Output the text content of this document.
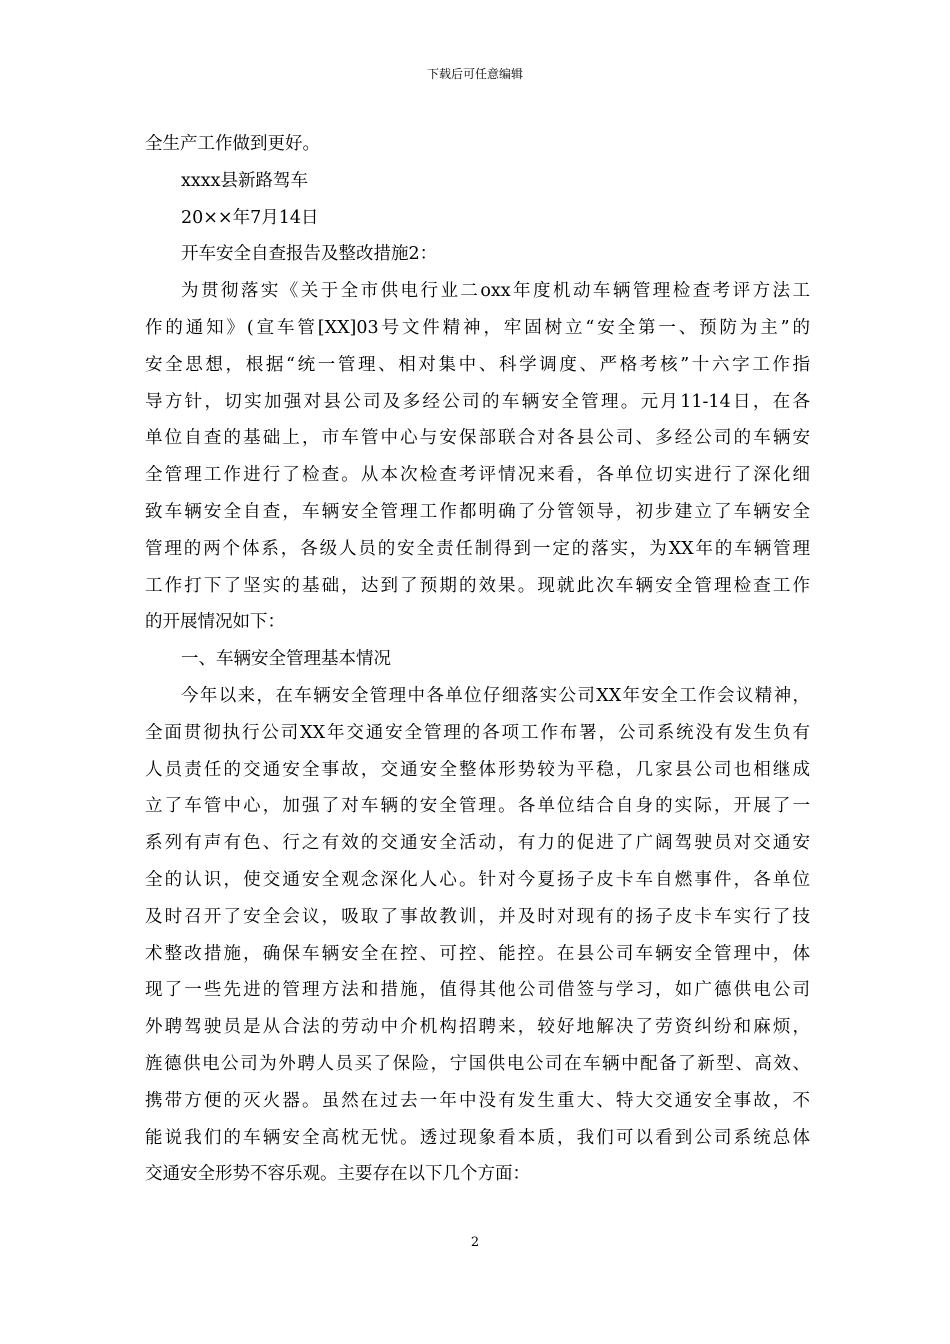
下载后可任意编辑
全生产工作做到更好。
xxxx县新路驾车
20××年7月14日
开车安全自查报告及整改措施2：
为贯彻落实《关于全市供电行业二oxx年度机动车辆管理检查考评方法工
作的通知》(宣车管[XX]03号文件精神，牢固树立“安全第一、预防为主”的
安全思想，根据“统一管理、相对集中、科学调度、严格考核”十六字工作指
导方针，切实加强对县公司及多经公司的车辆安全管理。元月11-14日，在各
单位自查的基础上，市车管中心与安保部联合对各县公司、多经公司的车辆安
全管理工作进行了检查。从本次检查考评情况来看，各单位切实进行了深化细
致车辆安全自查，车辆安全管理工作都明确了分管领导，初步建立了车辆安全
管理的两个体系，各级人员的安全责任制得到一定的落实，为XX年的车辆管理
工作打下了坚实的基础，达到了预期的效果。现就此次车辆安全管理检查工作
的开展情况如下：
一、车辆安全管理基本情况
今年以来，在车辆安全管理中各单位仔细落实公司XX年安全工作会议精神，
全面贯彻执行公司XX年交通安全管理的各项工作布署，公司系统没有发生负有
人员责任的交通安全事故，交通安全整体形势较为平稳，几家县公司也相继成
立了车管中心，加强了对车辆的安全管理。各单位结合自身的实际，开展了一
系列有声有色、行之有效的交通安全活动，有力的促进了广阔驾驶员对交通安
全的认识，使交通安全观念深化人心。针对今夏扬子皮卡车自燃事件，各单位
及时召开了安全会议，吸取了事故教训，并及时对现有的扬子皮卡车实行了技
术整改措施，确保车辆安全在控、可控、能控。在县公司车辆安全管理中，体
现了一些先进的管理方法和措施，值得其他公司借签与学习，如广德供电公司
外聘驾驶员是从合法的劳动中介机构招聘来，较好地解决了劳资纠纷和麻烦，
旌德供电公司为外聘人员买了保险，宁国供电公司在车辆中配备了新型、高效、
携带方便的灭火器。虽然在过去一年中没有发生重大、特大交通安全事故，不
能说我们的车辆安全高枕无忧。透过现象看本质，我们可以看到公司系统总体
交通安全形势不容乐观。主要存在以下几个方面：
2
